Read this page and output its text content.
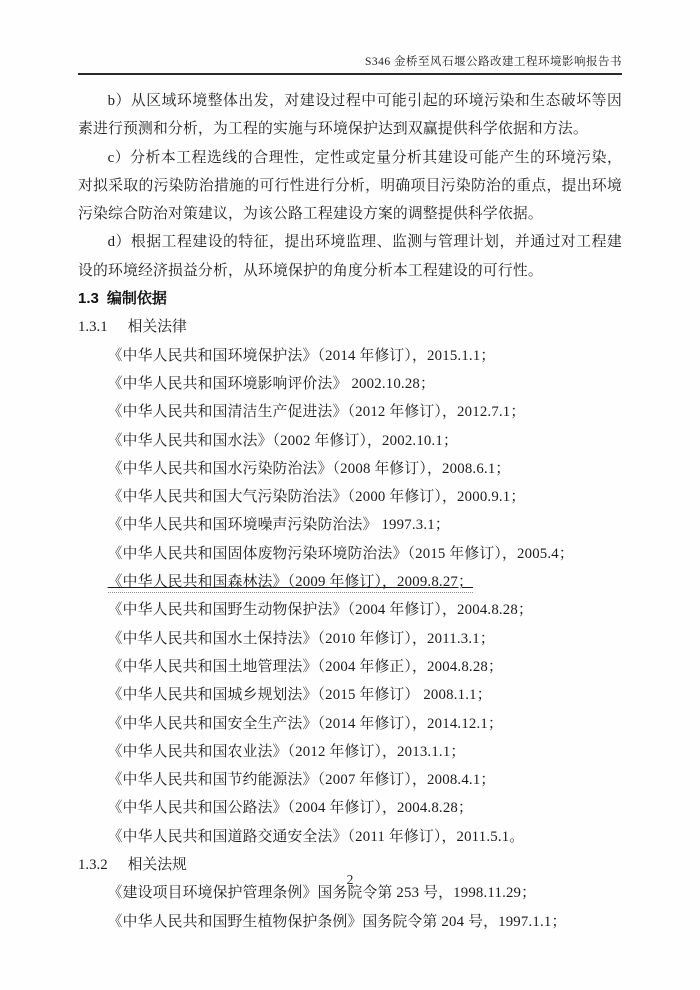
S346 金桥至风石堰公路改建工程环境影响报告书

b）从区域环境整体出发，对建设过程中可能引起的环境污染和生态破坏等因素进行预测和分析，为工程的实施与环境保护达到双赢提供科学依据和方法。

c）分析本工程选线的合理性，定性或定量分析其建设可能产生的环境污染，对拟采取的污染防治措施的可行性进行分析，明确项目污染防治的重点，提出环境污染综合防治对策建议，为该公路工程建设方案的调整提供科学依据。

d）根据工程建设的特征，提出环境监理、监测与管理计划，并通过对工程建设的环境经济损益分析，从环境保护的角度分析本工程建设的可行性。

1.3 编制依据
1.3.1 相关法律
《中华人民共和国环境保护法》（2014 年修订），2015.1.1；
《中华人民共和国环境影响评价法》 2002.10.28；
《中华人民共和国清洁生产促进法》（2012 年修订），2012.7.1；
《中华人民共和国水法》（2002 年修订），2002.10.1；
《中华人民共和国水污染防治法》（2008 年修订），2008.6.1；
《中华人民共和国大气污染防治法》（2000 年修订），2000.9.1；
《中华人民共和国环境噪声污染防治法》 1997.3.1；
《中华人民共和国固体废物污染环境防治法》（2015 年修订），2005.4；
《中华人民共和国森林法》（2009 年修订），2009.8.27；
《中华人民共和国野生动物保护法》（2004 年修订），2004.8.28；
《中华人民共和国水土保持法》（2010 年修订），2011.3.1；
《中华人民共和国土地管理法》（2004 年修正），2004.8.28；
《中华人民共和国城乡规划法》（2015 年修订） 2008.1.1；
《中华人民共和国安全生产法》（2014 年修订），2014.12.1；
《中华人民共和国农业法》（2012 年修订），2013.1.1；
《中华人民共和国节约能源法》（2007 年修订），2008.4.1；
《中华人民共和国公路法》（2004 年修订），2004.8.28；
《中华人民共和国道路交通安全法》（2011 年修订），2011.5.1。
1.3.2 相关法规
《建设项目环境保护管理条例》国务院令第 253 号，1998.11.29；
《中华人民共和国野生植物保护条例》国务院令第 204 号，1997.1.1；
2
